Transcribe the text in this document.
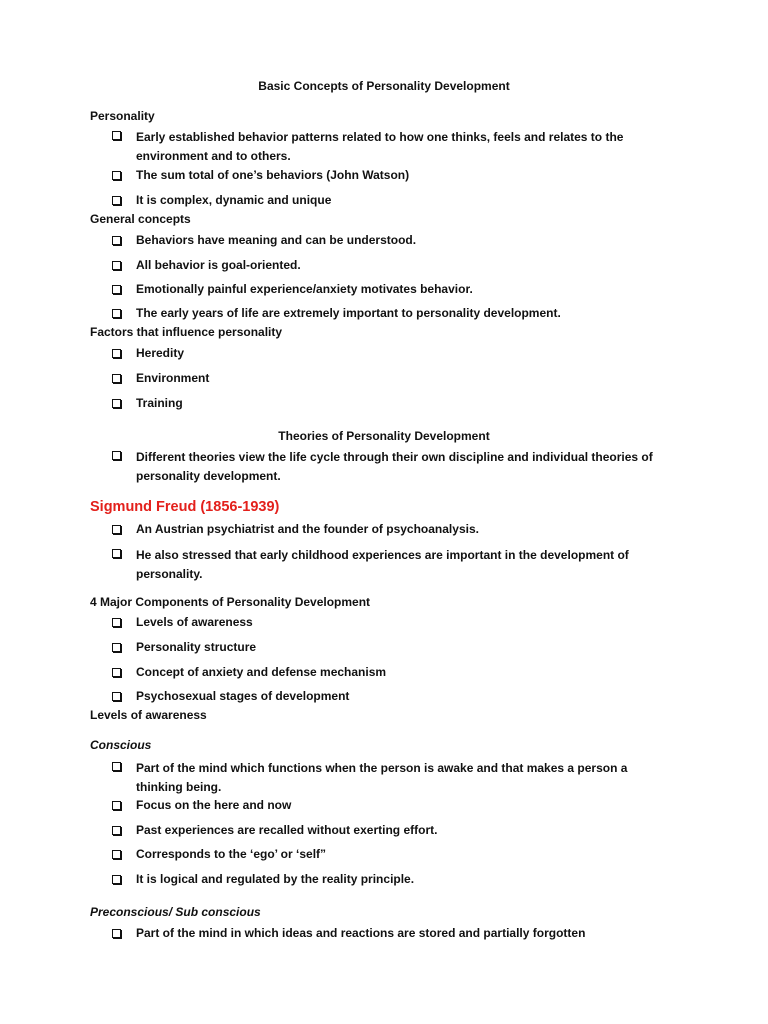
Basic Concepts of Personality Development
Personality
Early established behavior patterns related to how one thinks, feels and relates to the environment and to others.
The sum total of one’s behaviors (John Watson)
It is complex, dynamic and unique
General concepts
Behaviors have meaning and can be understood.
All behavior is goal-oriented.
Emotionally painful experience/anxiety motivates behavior.
The early years of life are extremely important to personality development.
Factors that influence personality
Heredity
Environment
Training
Theories of Personality Development
Different theories view the life cycle through their own discipline and individual theories of personality development.
Sigmund Freud (1856-1939)
An Austrian psychiatrist and the founder of psychoanalysis.
He also stressed that early childhood experiences are important in the development of personality.
4 Major Components of Personality Development
Levels of awareness
Personality structure
Concept of anxiety and defense mechanism
Psychosexual stages of development
Levels of awareness
Conscious
Part of the mind which functions when the person is awake and that makes a person a thinking being.
Focus on the here and now
Past experiences are recalled without exerting effort.
Corresponds to the ‘ego’ or ‘self”
It is logical and regulated by the reality principle.
Preconscious/ Sub conscious
Part of the mind in which ideas and reactions are stored and partially forgotten
